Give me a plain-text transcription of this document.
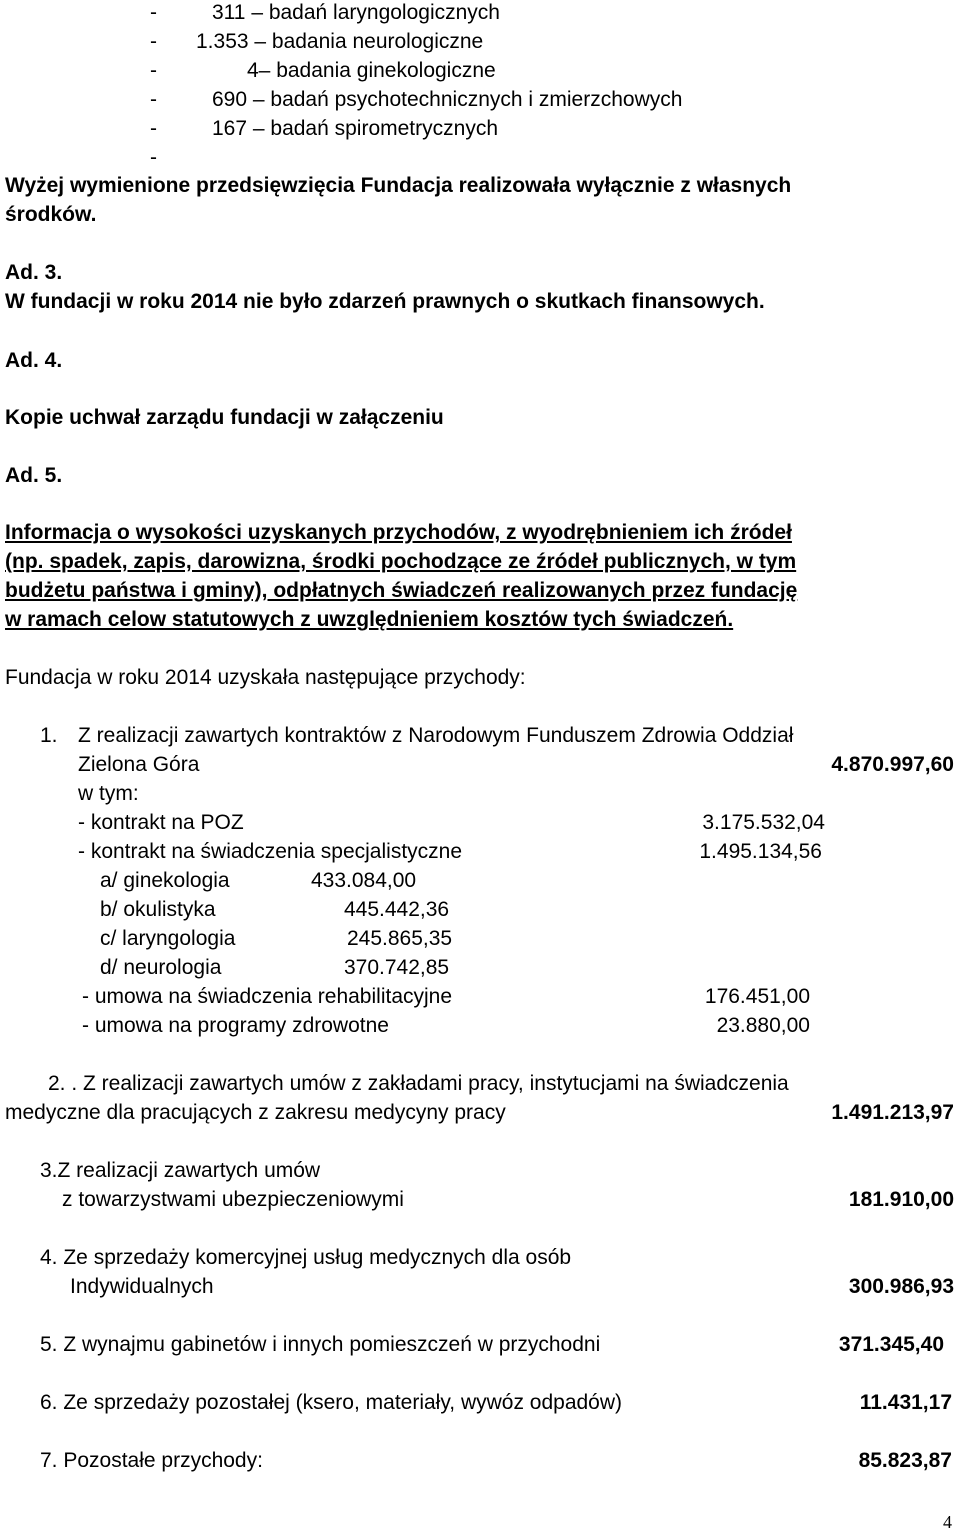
-	311 – badań laryngologicznych
- 1.353 – badania neurologiczne
-	4– badania ginekologiczne
-	690 – badań psychotechnicznych i zmierzchowych
-	167 – badań spirometrycznych
-
Wyżej wymienione przedsięwzięcia Fundacja realizowała wyłącznie z własnych
środków.
Ad. 3.
W fundacji w roku 2014 nie było zdarzeń prawnych o skutkach finansowych.
Ad. 4.
Kopie uchwał zarządu fundacji w załączeniu
Ad. 5.
Informacja o wysokości uzyskanych przychodów, z wyodrębnieniem ich źródeł
(np. spadek, zapis, darowizna, środki pochodzące ze źródeł publicznych, w tym
budżetu państwa i gminy), odpłatnych świadczeń realizowanych przez fundację
w ramach celow statutowych z uwzględnieniem kosztów tych świadczeń.
Fundacja w roku 2014 uzyskała następujące przychody:
1. Z realizacji zawartych kontraktów z Narodowym Funduszem Zdrowia Oddział
Zielona Góra	4.870.997,60
w tym:
- kontrakt na POZ	3.175.532,04
- kontrakt na świadczenia specjalistyczne	1.495.134,56
a/ ginekologia	433.084,00
b/ okulistyka	445.442,36
c/ laryngologia	245.865,35
d/ neurologia	370.742,85
- umowa na świadczenia rehabilitacyjne	176.451,00
- umowa na programy zdrowotne	23.880,00
2. . Z realizacji zawartych umów z zakładami pracy, instytucjami na świadczenia
medyczne dla pracujących z zakresu medycyny pracy	1.491.213,97
3.Z realizacji zawartych umów
z towarzystwami ubezpieczeniowymi	181.910,00
4. Ze sprzedaży komercyjnej usług medycznych dla osób
Indywidualnych	300.986,93
5. Z wynajmu gabinetów i innych pomieszczeń w przychodni	371.345,40
6. Ze sprzedaży pozostałej (ksero, materiały, wywóz odpadów)	11.431,17
7. Pozostałe przychody:	85.823,87
4
